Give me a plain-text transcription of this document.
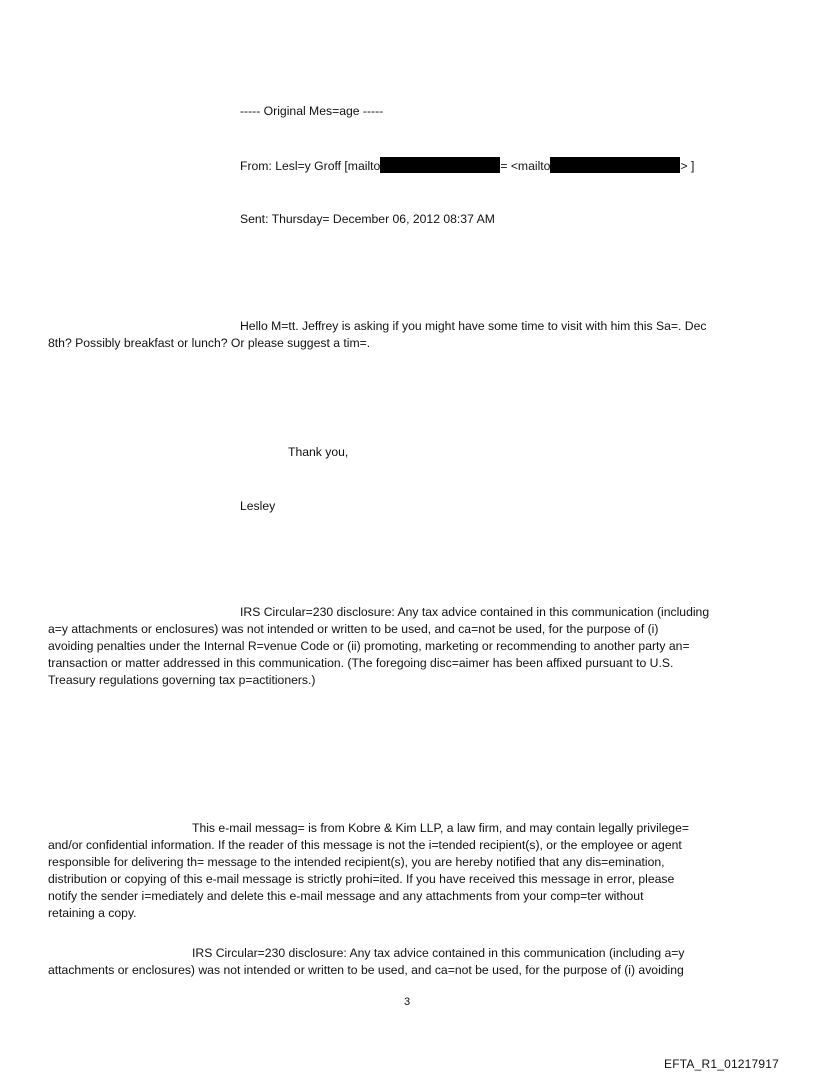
----- Original Mes=age -----
From: Lesl=y Groff [mailto	= <mailto	> ]
Sent: Thursday= December 06, 2012 08:37 AM
Hello M=tt. Jeffrey is asking if you might have some time to visit with him this Sa=. Dec
8th? Possibly breakfast or lunch? Or please suggest a tim=.
Thank you,
Lesley
IRS Circular=230 disclosure: Any tax advice contained in this communication (including
a=y attachments or enclosures) was not intended or written to be used, and ca=not be used, for the purpose of (i)
avoiding penalties under the Internal R=venue Code or (ii) promoting, marketing or recommending to another party an=
transaction or matter addressed in this communication. (The foregoing disc=aimer has been affixed pursuant to U.S.
Treasury regulations governing tax p=actitioners.)
This e-mail messag= is from Kobre & Kim LLP, a law firm, and may contain legally privilege=
and/or confidential information. If the reader of this message is not the i=tended recipient(s), or the employee or agent
responsible for delivering th= message to the intended recipient(s), you are hereby notified that any dis=emination,
distribution or copying of this e-mail message is strictly prohi=ited. If you have received this message in error, please
notify the sender i=mediately and delete this e-mail message and any attachments from your comp=ter without
retaining a copy.
IRS Circular=230 disclosure: Any tax advice contained in this communication (including a=y
attachments or enclosures) was not intended or written to be used, and ca=not be used, for the purpose of (i) avoiding
3
EFTA_R1_01217917
